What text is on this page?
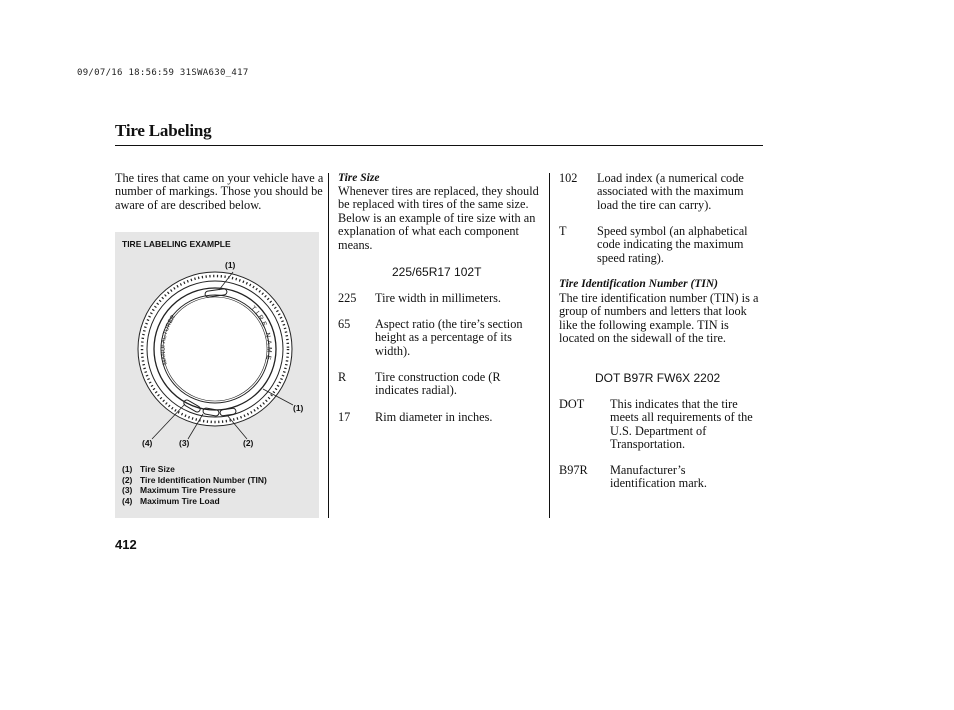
09/07/16 18:56:59 31SWA630_417
Tire Labeling

The tires that came on your vehicle have a number of markings. Those you should be aware of are described below.

TIRE LABELING EXAMPLE
MANUFACTURER
TIRE NAME
(1)
(1)
(4)	(3)	(2)
(1) Tire Size
(2) Tire Identification Number (TIN)
(3) Maximum Tire Pressure
(4) Maximum Tire Load
Tire Size

Whenever tires are replaced, they should be replaced with tires of the same size. Below is an example of tire size with an explanation of what each component means.

225/65R17 102T
225 Tire width in millimeters.
65 Aspect ratio (the tire’s section height as a percentage of its width).
R Tire construction code (R indicates radial).
17 Rim diameter in inches.
102 Load index (a numerical code associated with the maximum load the tire can carry).
T Speed symbol (an alphabetical code indicating the maximum speed rating).
Tire Identification Number (TIN)

The tire identification number (TIN) is a group of numbers and letters that look like the following example. TIN is located on the sidewall of the tire.

DOT B97R FW6X 2202
DOT This indicates that the tire meets all requirements of the U.S. Department of Transportation.
B97R Manufacturer’s identification mark.
412
